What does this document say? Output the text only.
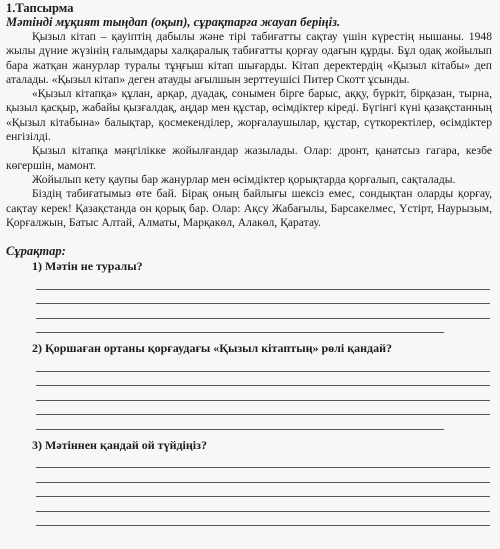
1.Тапсырма

Мәтінді мұқият тыңдап (оқып), сұрақтарға жауап беріңіз.

Қызыл кітап – қауіптің дабылы және тірі табиғатты сақтау үшін күрестің нышаны. 1948 жылы дүние жүзінің ғалымдары халқаралық табиғатты қорғау одағын құрды. Бұл одақ жойылып бара жатқан жанурлар туралы тұңғыш кітап шығарды. Кітап деректердің «Қызыл кітабы» деп аталады. «Қызыл кітап» деген атауды ағылшын зерттеушісі Питер Скотт ұсынды.

«Қызыл кітапқа» құлан, арқар, дуадақ, сонымен бірге барыс, аққу, бүркіт, бірқазан, тырна, қызыл қасқыр, жабайы қызғалдақ, аңдар мен құстар, өсімдіктер кіреді. Бүгінгі күні қазақстанның «Қызыл кітабына» балықтар, қосмекенділер, жорғалаушылар, құстар, сүткоректілер, өсімдіктер енгізілді.

Қызыл кітапқа мәңгілікке жойылғандар жазылады. Олар: дронт, қанатсыз гагара, кезбе көгершін, мамонт.

Жойылып кету қаупы бар жанурлар мен өсімдіктер қорықтарда қорғалып, сақталады.

Біздің табиғатымыз өте бай. Бірақ оның байлығы шексіз емес, сондықтан оларды қорғау, сақтау керек! Қазақстанда он қорық бар. Олар: Ақсу Жабағылы, Барсакелмес, Үстірт, Наурызым, Қорғалжын, Батыс Алтай, Алматы, Марқакөл, Алакөл, Қаратау.

Сұрақтар:

1) Мәтін не туралы?

2) Қоршаған ортаны қорғаудағы «Қызыл кітаптың» рөлі қандай?

3) Мәтіннен қандай ой түйдіңіз?
